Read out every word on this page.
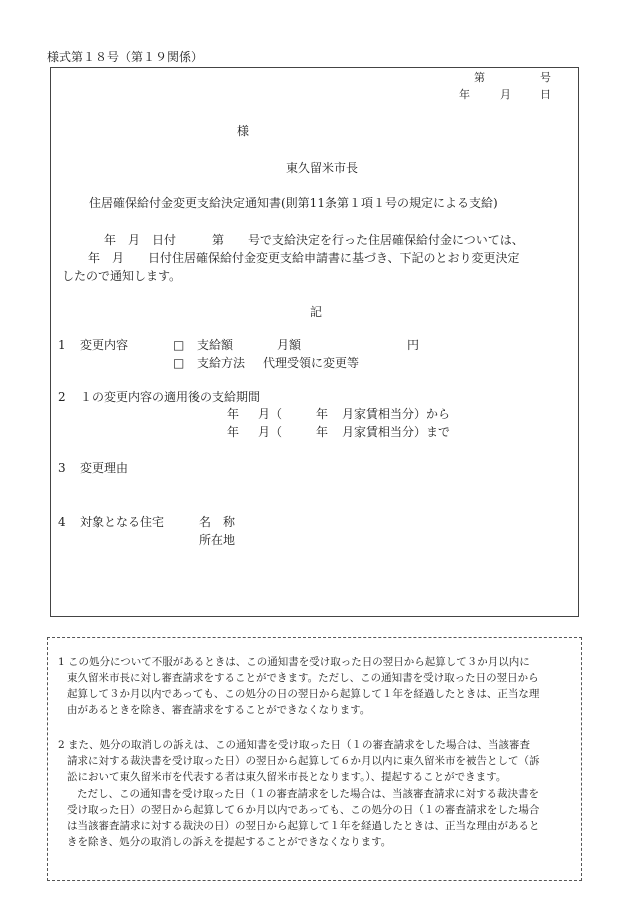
様式第１８号（第１９関係）
第	号
年	月	日
様
東久留米市長
住居確保給付金変更支給決定通知書(則第11条第１項１号の規定による支給)
年　月　日付　　　第　　号で支給決定を行った住居確保給付金については、
年　月　　日付住居確保給付金変更支給申請書に基づき、下記のとおり変更決定
したので通知します。
記
1 変更内容	□ 支給額	月額	円
□ 支給方法 代理受領に変更等
2 １の変更内容の適用後の支給期間
年 月（	年 月家賃相当分）から
年 月（	年 月家賃相当分）まで
3 変更理由
4 対象となる住宅	名　称
所在地
1 この処分について不服があるときは、この通知書を受け取った日の翌日から起算して３か月以内に
東久留米市長に対し審査請求をすることができます。ただし、この通知書を受け取った日の翌日から
起算して３か月以内であっても、この処分の日の翌日から起算して１年を経過したときは、正当な理
由があるときを除き、審査請求をすることができなくなります。
2 また、処分の取消しの訴えは、この通知書を受け取った日（１の審査請求をした場合は、当該審査
請求に対する裁決書を受け取った日）の翌日から起算して６か月以内に東久留米市を被告として（訴
訟において東久留米市を代表する者は東久留米市長となります。）、提起することができます。
ただし、この通知書を受け取った日（１の審査請求をした場合は、当該審査請求に対する裁決書を
受け取った日）の翌日から起算して６か月以内であっても、この処分の日（１の審査請求をした場合
は当該審査請求に対する裁決の日）の翌日から起算して１年を経過したときは、正当な理由があると
きを除き、処分の取消しの訴えを提起することができなくなります。
